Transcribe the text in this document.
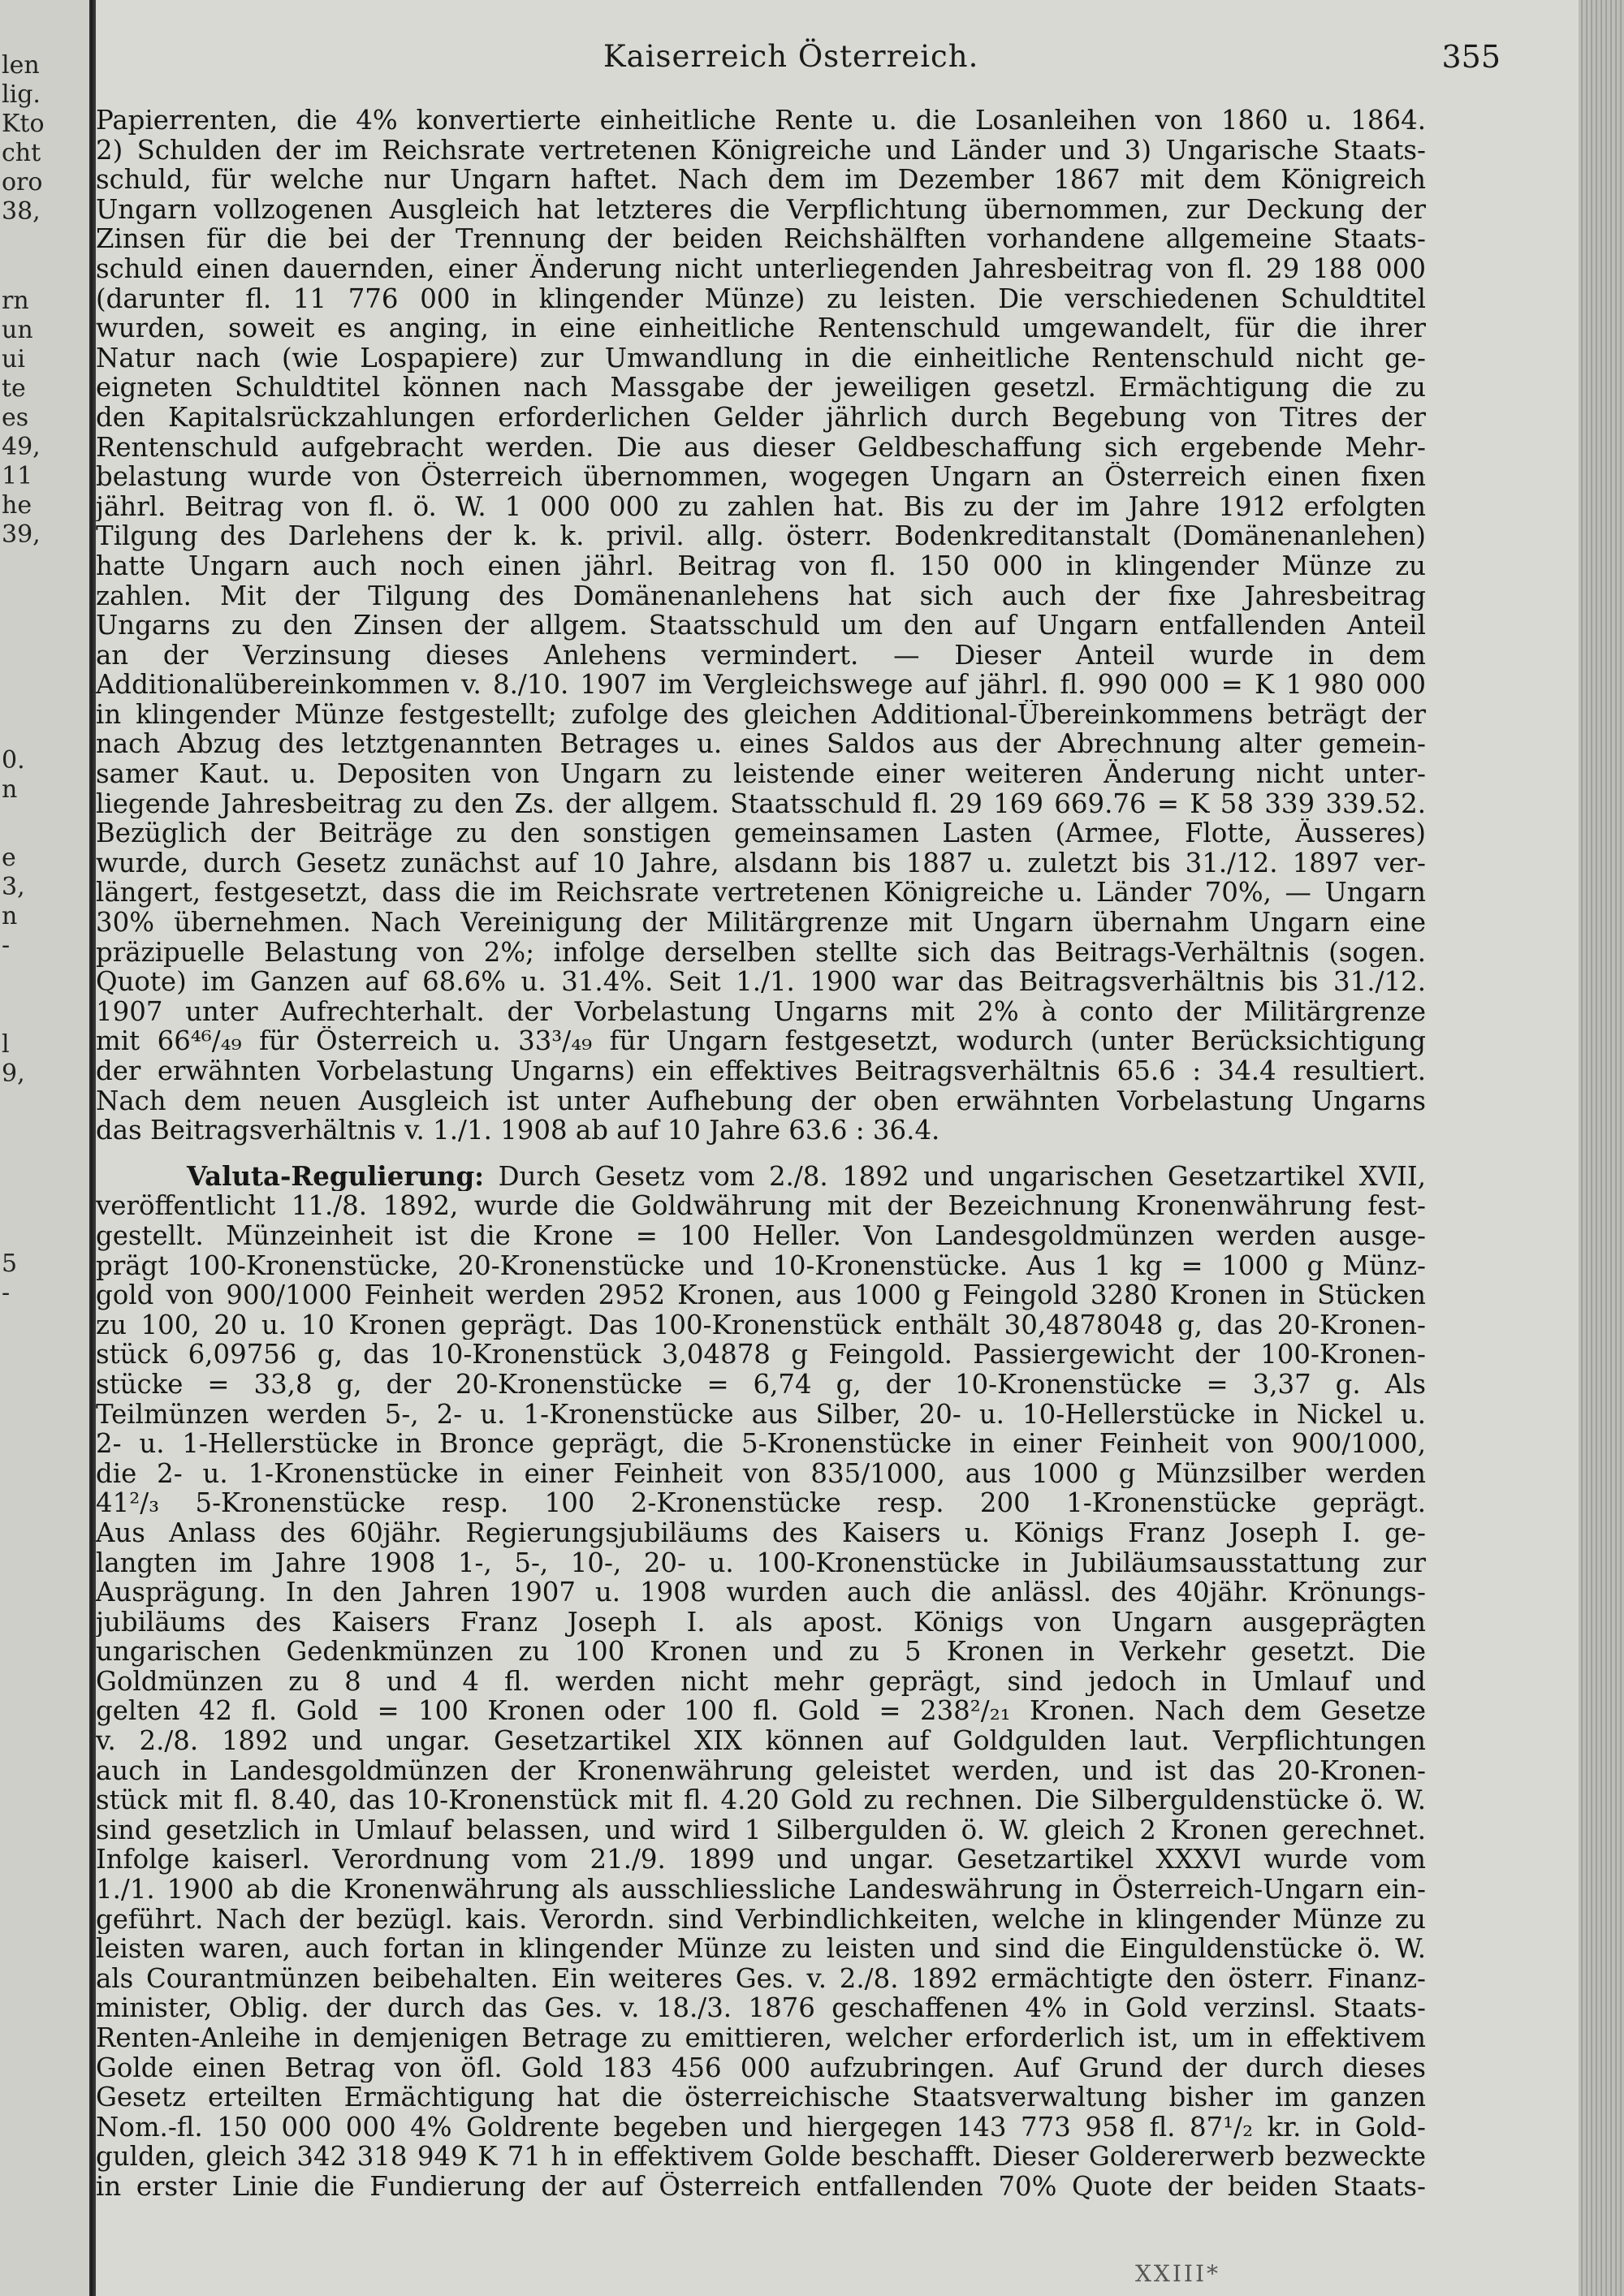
len
lig.
Kto
cht
oro
38,
rn
un
ui
te
es
49,
11
he
39,
0.
n
e
3,
n
-
l
9,
5
-
Kaiserreich Österreich.	355
Papierrenten, die 4% konvertierte einheitliche Rente u. die Losanleihen von 1860 u. 1864.
2) Schulden der im Reichsrate vertretenen Königreiche und Länder und 3) Ungarische Staats-
schuld, für welche nur Ungarn haftet. Nach dem im Dezember 1867 mit dem Königreich
Ungarn vollzogenen Ausgleich hat letzteres die Verpflichtung übernommen, zur Deckung der
Zinsen für die bei der Trennung der beiden Reichshälften vorhandene allgemeine Staats-
schuld einen dauernden, einer Änderung nicht unterliegenden Jahresbeitrag von fl. 29 188 000
(darunter fl. 11 776 000 in klingender Münze) zu leisten. Die verschiedenen Schuldtitel
wurden, soweit es anging, in eine einheitliche Rentenschuld umgewandelt, für die ihrer
Natur nach (wie Lospapiere) zur Umwandlung in die einheitliche Rentenschuld nicht ge-
eigneten Schuldtitel können nach Massgabe der jeweiligen gesetzl. Ermächtigung die zu
den Kapitalsrückzahlungen erforderlichen Gelder jährlich durch Begebung von Titres der
Rentenschuld aufgebracht werden. Die aus dieser Geldbeschaffung sich ergebende Mehr-
belastung wurde von Österreich übernommen, wogegen Ungarn an Österreich einen fixen
jährl. Beitrag von fl. ö. W. 1 000 000 zu zahlen hat. Bis zu der im Jahre 1912 erfolgten
Tilgung des Darlehens der k. k. privil. allg. österr. Bodenkreditanstalt (Domänenanlehen)
hatte Ungarn auch noch einen jährl. Beitrag von fl. 150 000 in klingender Münze zu
zahlen. Mit der Tilgung des Domänenanlehens hat sich auch der fixe Jahresbeitrag
Ungarns zu den Zinsen der allgem. Staatsschuld um den auf Ungarn entfallenden Anteil
an der Verzinsung dieses Anlehens vermindert. — Dieser Anteil wurde in dem
Additionalübereinkommen v. 8./10. 1907 im Vergleichswege auf jährl. fl. 990 000 = K 1 980 000
in klingender Münze festgestellt; zufolge des gleichen Additional-Übereinkommens beträgt der
nach Abzug des letztgenannten Betrages u. eines Saldos aus der Abrechnung alter gemein-
samer Kaut. u. Depositen von Ungarn zu leistende einer weiteren Änderung nicht unter-
liegende Jahresbeitrag zu den Zs. der allgem. Staatsschuld fl. 29 169 669.76 = K 58 339 339.52.
Bezüglich der Beiträge zu den sonstigen gemeinsamen Lasten (Armee, Flotte, Äusseres)
wurde, durch Gesetz zunächst auf 10 Jahre, alsdann bis 1887 u. zuletzt bis 31./12. 1897 ver-
längert, festgesetzt, dass die im Reichsrate vertretenen Königreiche u. Länder 70%, — Ungarn
30% übernehmen. Nach Vereinigung der Militärgrenze mit Ungarn übernahm Ungarn eine
präzipuelle Belastung von 2%; infolge derselben stellte sich das Beitrags-Verhältnis (sogen.
Quote) im Ganzen auf 68.6% u. 31.4%. Seit 1./1. 1900 war das Beitragsverhältnis bis 31./12.
1907 unter Aufrechterhalt. der Vorbelastung Ungarns mit 2% à conto der Militärgrenze
mit 66⁴⁶/₄₉ für Österreich u. 33³/₄₉ für Ungarn festgesetzt, wodurch (unter Berücksichtigung
der erwähnten Vorbelastung Ungarns) ein effektives Beitragsverhältnis 65.6 : 34.4 resultiert.
Nach dem neuen Ausgleich ist unter Aufhebung der oben erwähnten Vorbelastung Ungarns
das Beitragsverhältnis v. 1./1. 1908 ab auf 10 Jahre 63.6 : 36.4.
Valuta-Regulierung: Durch Gesetz vom 2./8. 1892 und ungarischen Gesetzartikel XVII,
veröffentlicht 11./8. 1892, wurde die Goldwährung mit der Bezeichnung Kronenwährung fest-
gestellt. Münzeinheit ist die Krone = 100 Heller. Von Landesgoldmünzen werden ausge-
prägt 100-Kronenstücke, 20-Kronenstücke und 10-Kronenstücke. Aus 1 kg = 1000 g Münz-
gold von 900/1000 Feinheit werden 2952 Kronen, aus 1000 g Feingold 3280 Kronen in Stücken
zu 100, 20 u. 10 Kronen geprägt. Das 100-Kronenstück enthält 30,4878048 g, das 20-Kronen-
stück 6,09756 g, das 10-Kronenstück 3,04878 g Feingold. Passiergewicht der 100-Kronen-
stücke = 33,8 g, der 20-Kronenstücke = 6,74 g, der 10-Kronenstücke = 3,37 g. Als
Teilmünzen werden 5-, 2- u. 1-Kronenstücke aus Silber, 20- u. 10-Hellerstücke in Nickel u.
2- u. 1-Hellerstücke in Bronce geprägt, die 5-Kronenstücke in einer Feinheit von 900/1000,
die 2- u. 1-Kronenstücke in einer Feinheit von 835/1000, aus 1000 g Münzsilber werden
41²/₃ 5-Kronenstücke resp. 100 2-Kronenstücke resp. 200 1-Kronenstücke geprägt.
Aus Anlass des 60jähr. Regierungsjubiläums des Kaisers u. Königs Franz Joseph I. ge-
langten im Jahre 1908 1-, 5-, 10-, 20- u. 100-Kronenstücke in Jubiläumsausstattung zur
Ausprägung. In den Jahren 1907 u. 1908 wurden auch die anlässl. des 40jähr. Krönungs-
jubiläums des Kaisers Franz Joseph I. als apost. Königs von Ungarn ausgeprägten
ungarischen Gedenkmünzen zu 100 Kronen und zu 5 Kronen in Verkehr gesetzt. Die
Goldmünzen zu 8 und 4 fl. werden nicht mehr geprägt, sind jedoch in Umlauf und
gelten 42 fl. Gold = 100 Kronen oder 100 fl. Gold = 238²/₂₁ Kronen. Nach dem Gesetze
v. 2./8. 1892 und ungar. Gesetzartikel XIX können auf Goldgulden laut. Verpflichtungen
auch in Landesgoldmünzen der Kronenwährung geleistet werden, und ist das 20-Kronen-
stück mit fl. 8.40, das 10-Kronenstück mit fl. 4.20 Gold zu rechnen. Die Silberguldenstücke ö. W.
sind gesetzlich in Umlauf belassen, und wird 1 Silbergulden ö. W. gleich 2 Kronen gerechnet.
Infolge kaiserl. Verordnung vom 21./9. 1899 und ungar. Gesetzartikel XXXVI wurde vom
1./1. 1900 ab die Kronenwährung als ausschliessliche Landeswährung in Österreich-Ungarn ein-
geführt. Nach der bezügl. kais. Verordn. sind Verbindlichkeiten, welche in klingender Münze zu
leisten waren, auch fortan in klingender Münze zu leisten und sind die Einguldenstücke ö. W.
als Courantmünzen beibehalten. Ein weiteres Ges. v. 2./8. 1892 ermächtigte den österr. Finanz-
minister, Oblig. der durch das Ges. v. 18./3. 1876 geschaffenen 4% in Gold verzinsl. Staats-
Renten-Anleihe in demjenigen Betrage zu emittieren, welcher erforderlich ist, um in effektivem
Golde einen Betrag von öfl. Gold 183 456 000 aufzubringen. Auf Grund der durch dieses
Gesetz erteilten Ermächtigung hat die österreichische Staatsverwaltung bisher im ganzen
Nom.-fl. 150 000 000 4% Goldrente begeben und hiergegen 143 773 958 fl. 87¹/₂ kr. in Gold-
gulden, gleich 342 318 949 K 71 h in effektivem Golde beschafft. Dieser Goldererwerb bezweckte
in erster Linie die Fundierung der auf Österreich entfallenden 70% Quote der beiden Staats-
XXIII*
